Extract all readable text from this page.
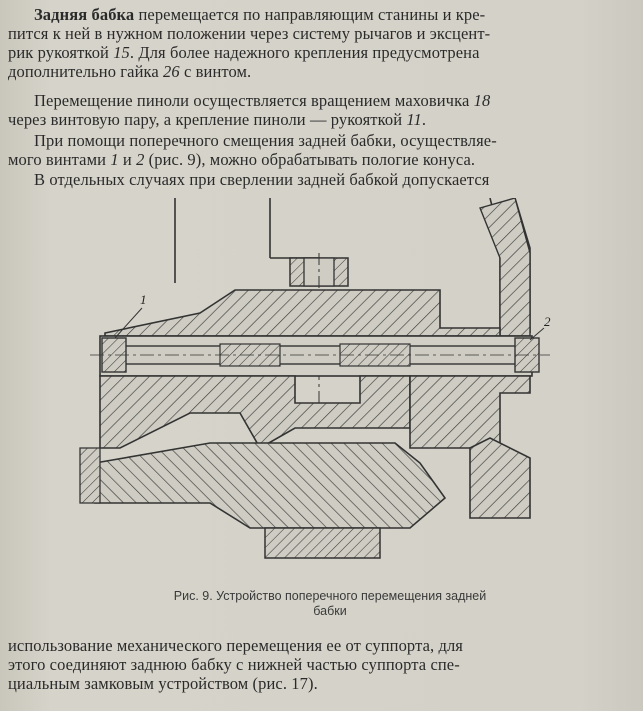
Задняя бабка перемещается по направляющим станины и кре-
пится к ней в нужном положении через систему рычагов и эксцент-
рик рукояткой 15. Для более надежного крепления предусмотрена
дополнительно гайка 26 с винтом.
Перемещение пиноли осуществляется вращением маховичка 18
через винтовую пару, а крепление пиноли — рукояткой 11.
При помощи поперечного смещения задней бабки, осуществляе-
мого винтами 1 и 2 (рис. 9), можно обрабатывать пологие конуса.
В отдельных случаях при сверлении задней бабкой допускается
1
2
Рис. 9. Устройство поперечного перемещения задней
бабки
использование механического перемещения ее от суппорта, для
этого соединяют заднюю бабку с нижней частью суппорта спе-
циальным замковым устройством (рис. 17).
